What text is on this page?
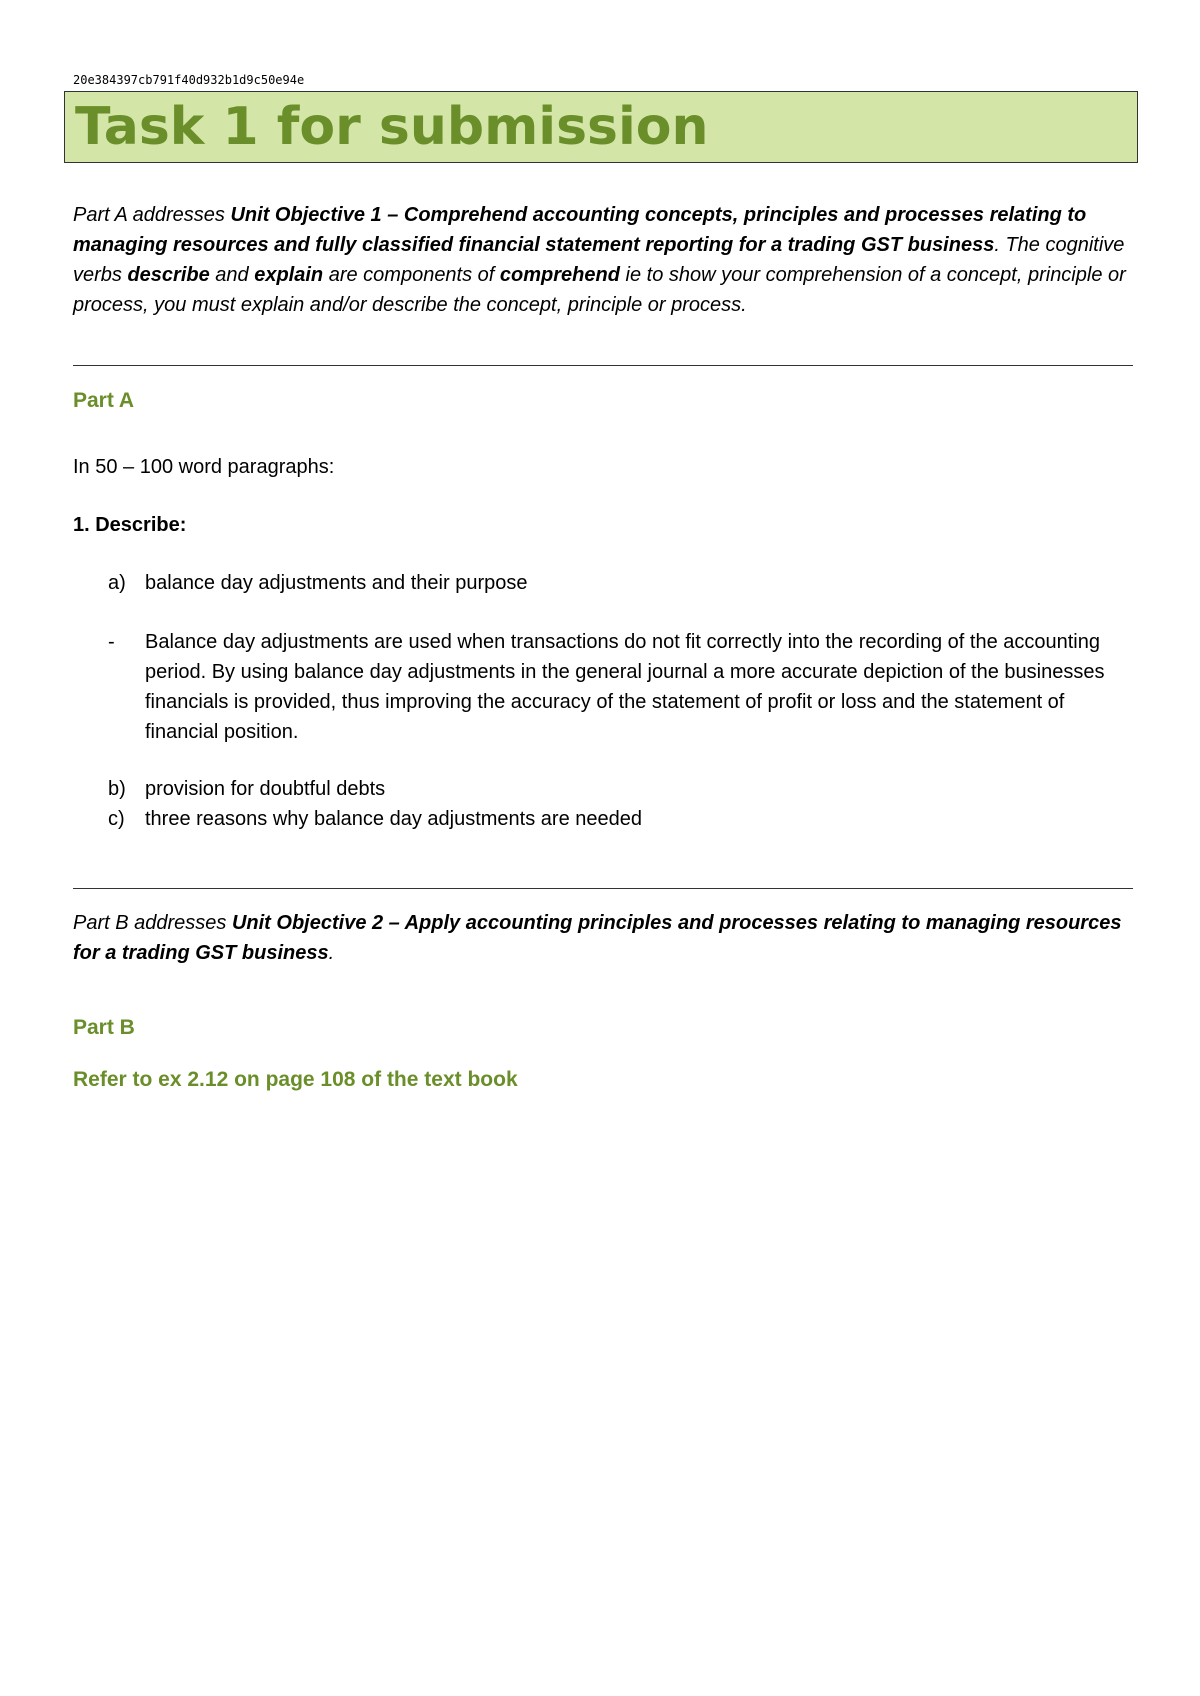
20e384397cb791f40d932b1d9c50e94e
Task 1 for submission

Part A addresses Unit Objective 1 – Comprehend accounting concepts, principles and processes relating to managing resources and fully classified financial statement reporting for a trading GST business. The cognitive verbs describe and explain are components of comprehend ie to show your comprehension of a concept, principle or process, you must explain and/or describe the concept, principle or process.

Part A

In 50 – 100 word paragraphs:

1. Describe:

a) balance day adjustments and their purpose
-	Balance day adjustments are used when transactions do not fit correctly into the recording of the accounting period. By using balance day adjustments in the general journal a more accurate depiction of the businesses financials is provided, thus improving the accuracy of the statement of profit or loss and the statement of financial position.
b) provision for doubtful debts
c)	three reasons why balance day adjustments are needed

Part B addresses Unit Objective 2 – Apply accounting principles and processes relating to managing resources for a trading GST business.

Part B

Refer to ex 2.12 on page 108 of the text book
